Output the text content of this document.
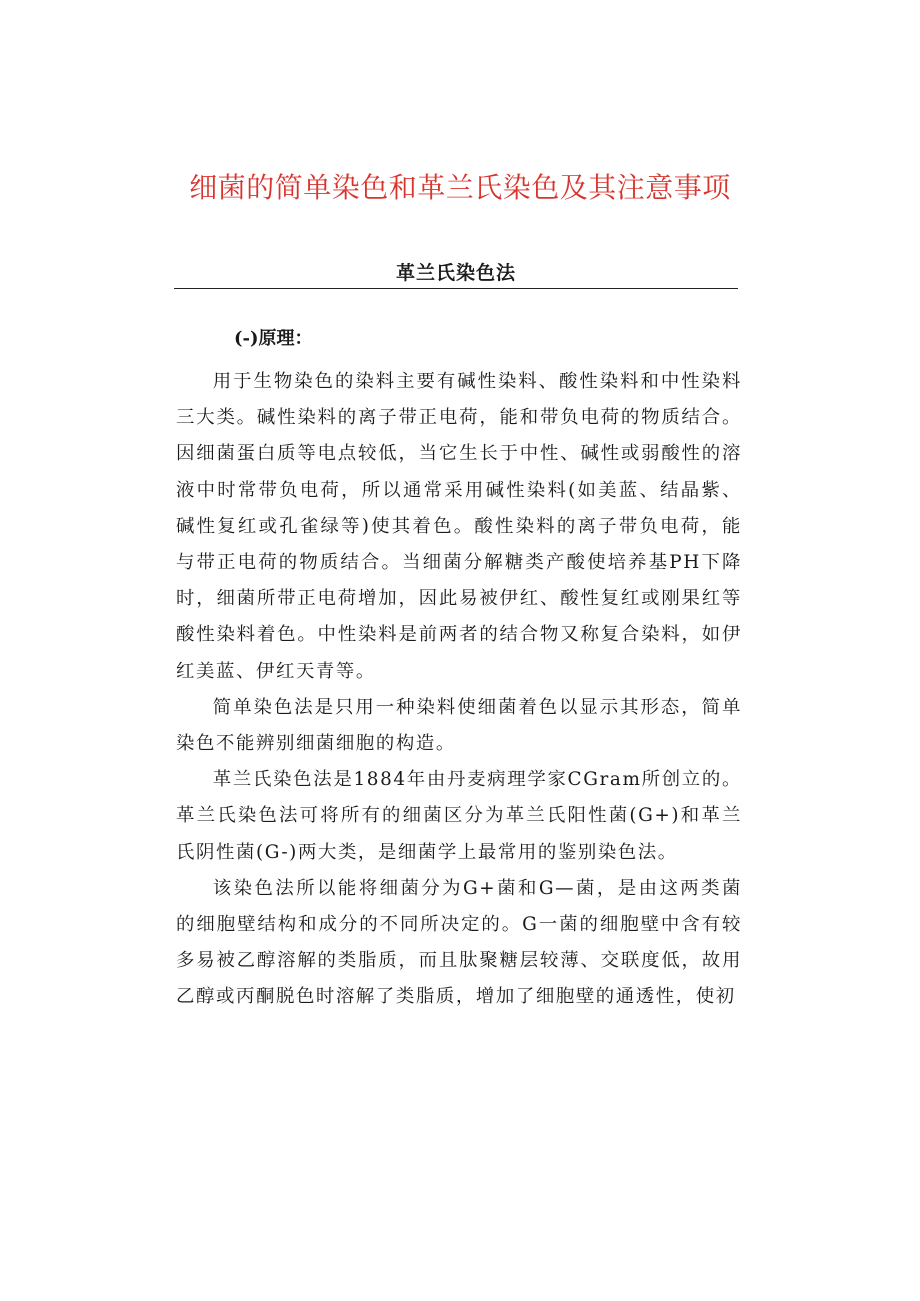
细菌的简单染色和革兰氏染色及其注意事项
革兰氏染色法
(-)原理：

用于生物染色的染料主要有碱性染料、酸性染料和中性染料三大类。碱性染料的离子带正电荷，能和带负电荷的物质结合。因细菌蛋白质等电点较低，当它生长于中性、碱性或弱酸性的溶液中时常带负电荷，所以通常采用碱性染料(如美蓝、结晶紫、碱性复红或孔雀绿等)使其着色。酸性染料的离子带负电荷，能与带正电荷的物质结合。当细菌分解糖类产酸使培养基PH下降时，细菌所带正电荷增加，因此易被伊红、酸性复红或刚果红等酸性染料着色。中性染料是前两者的结合物又称复合染料，如伊红美蓝、伊红天青等。

简单染色法是只用一种染料使细菌着色以显示其形态，简单染色不能辨别细菌细胞的构造。

革兰氏染色法是1884年由丹麦病理学家CGram所创立的。革兰氏染色法可将所有的细菌区分为革兰氏阳性菌(G+)和革兰氏阴性菌(G-)两大类，是细菌学上最常用的鉴别染色法。

该染色法所以能将细菌分为G+菌和G—菌，是由这两类菌的细胞壁结构和成分的不同所决定的。G一菌的细胞壁中含有较多易被乙醇溶解的类脂质，而且肽聚糖层较薄、交联度低，故用乙醇或丙酮脱色时溶解了类脂质，增加了细胞壁的通透性，使初
